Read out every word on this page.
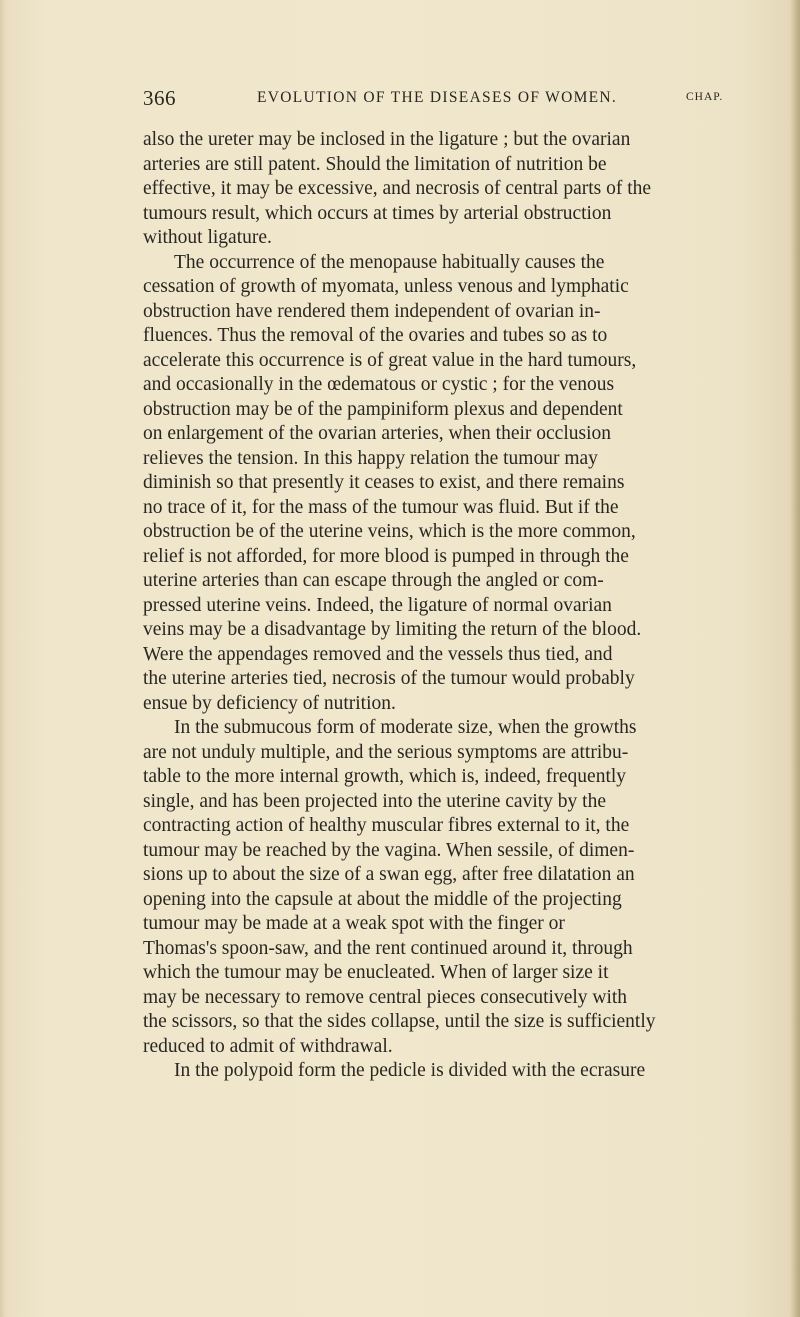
366	EVOLUTION OF THE DISEASES OF WOMEN.	CHAP.
also the ureter may be inclosed in the ligature ; but the ovarian
arteries are still patent. Should the limitation of nutrition be
effective, it may be excessive, and necrosis of central parts of the
tumours result, which occurs at times by arterial obstruction
without ligature.
The occurrence of the menopause habitually causes the
cessation of growth of myomata, unless venous and lymphatic
obstruction have rendered them independent of ovarian in-
fluences. Thus the removal of the ovaries and tubes so as to
accelerate this occurrence is of great value in the hard tumours,
and occasionally in the œdematous or cystic ; for the venous
obstruction may be of the pampiniform plexus and dependent
on enlargement of the ovarian arteries, when their occlusion
relieves the tension. In this happy relation the tumour may
diminish so that presently it ceases to exist, and there remains
no trace of it, for the mass of the tumour was fluid. But if the
obstruction be of the uterine veins, which is the more common,
relief is not afforded, for more blood is pumped in through the
uterine arteries than can escape through the angled or com-
pressed uterine veins. Indeed, the ligature of normal ovarian
veins may be a disadvantage by limiting the return of the blood.
Were the appendages removed and the vessels thus tied, and
the uterine arteries tied, necrosis of the tumour would probably
ensue by deficiency of nutrition.
In the submucous form of moderate size, when the growths
are not unduly multiple, and the serious symptoms are attribu-
table to the more internal growth, which is, indeed, frequently
single, and has been projected into the uterine cavity by the
contracting action of healthy muscular fibres external to it, the
tumour may be reached by the vagina. When sessile, of dimen-
sions up to about the size of a swan egg, after free dilatation an
opening into the capsule at about the middle of the projecting
tumour may be made at a weak spot with the finger or
Thomas's spoon-saw, and the rent continued around it, through
which the tumour may be enucleated. When of larger size it
may be necessary to remove central pieces consecutively with
the scissors, so that the sides collapse, until the size is sufficiently
reduced to admit of withdrawal.
In the polypoid form the pedicle is divided with the ecrasure
